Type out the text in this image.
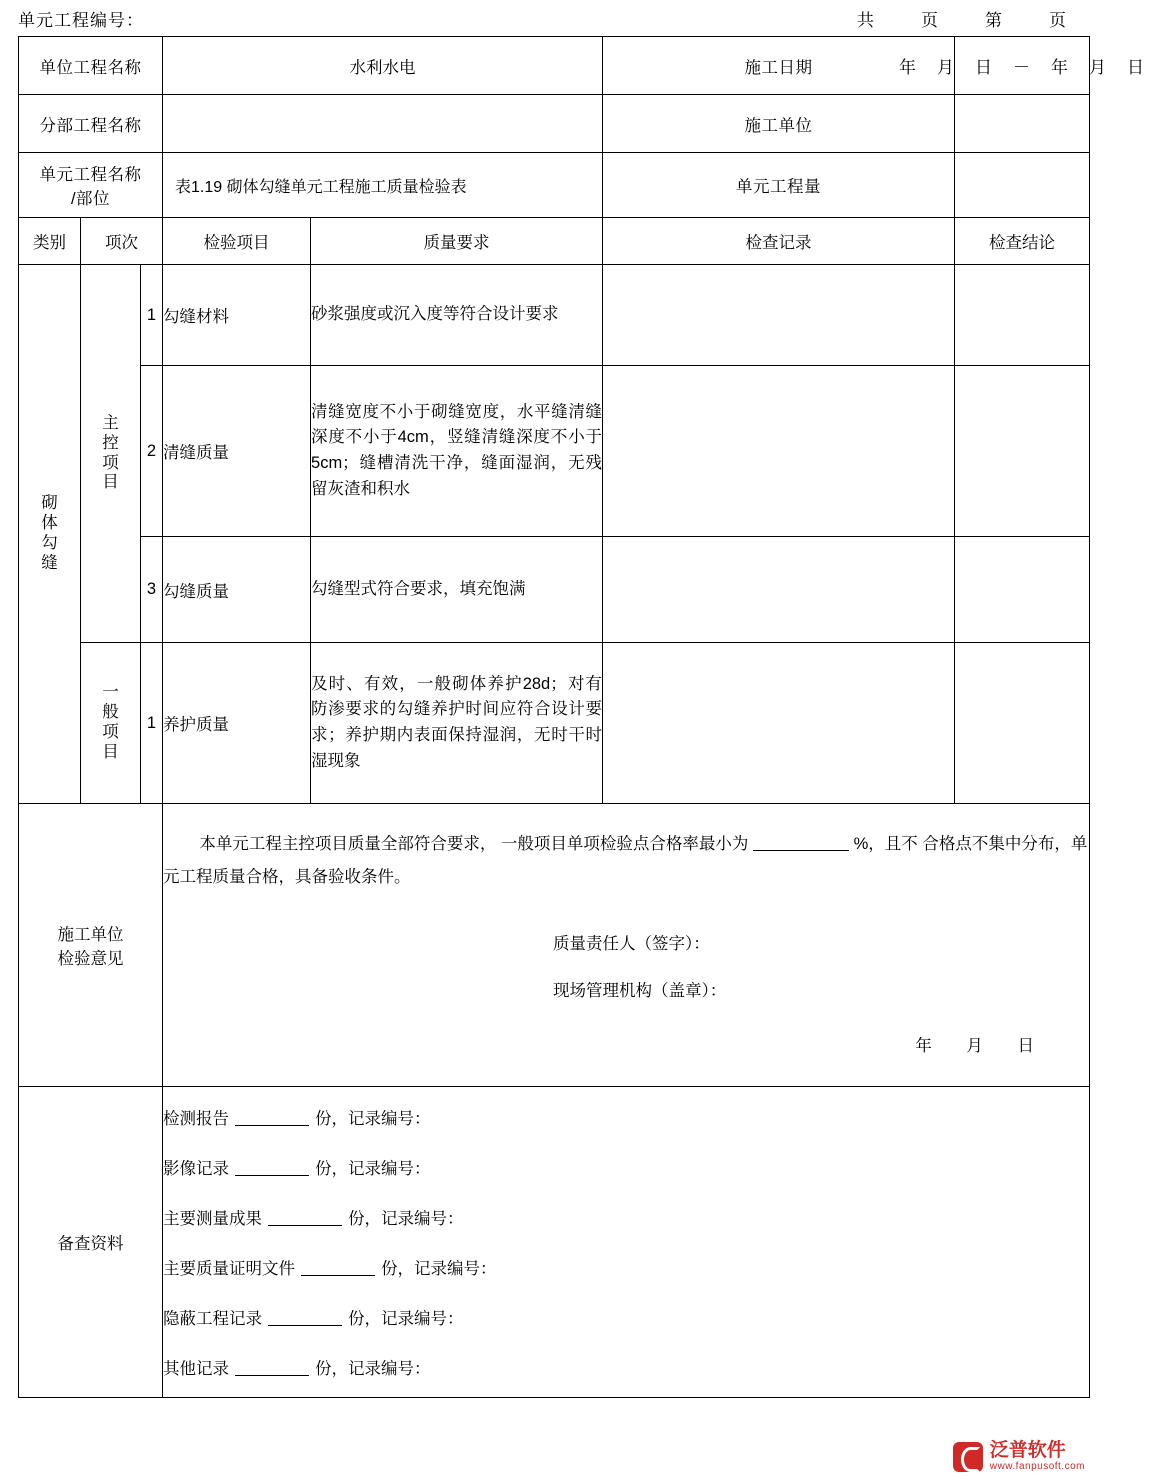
单元工程编号：	共	页	第	页
单位工程名称	水利水电	施工日期	年	月	日	－	年	月	日

分部工程名称					施工单位	

单元工程名称
/部位			表1.19 砌体勾缝单元工程施工质量检验表		单元工程量	
类别	项次		检验项目	质量要求	检查记录	检查结论
砌体勾缝	主控项目	1	勾缝材料	砂浆强度或沉入度等符合设计要求		
		2	清缝质量	清缝宽度不小于砌缝宽度，水平缝清缝深度不小于4cm，竖缝清缝深度不小于5cm；缝槽清洗干净，缝面湿润，无残留灰渣和积水		
		3	勾缝质量	勾缝型式符合要求，填充饱满		
	一般项目	1	养护质量	及时、有效，一般砌体养护28d；对有防渗要求的勾缝养护时间应符合设计要求；养护期内表面保持湿润，无时干时湿现象		

施工单位
检验意见

本单元工程主控项目质量全部符合要求， 一般项目单项检验点合格率最小为	%，且不 合格点不集中分布，单元工程质量合格，具备验收条件。
质量责任人（签字）：
现场管理机构（盖章）：
年 月 日

备查资料	
检测报告	份，记录编号：
影像记录	份，记录编号：
主要测量成果	份，记录编号：
主要质量证明文件	份，记录编号：
隐蔽工程记录	份，记录编号：
其他记录	份，记录编号：
泛普软件
www.fanpusoft.com
